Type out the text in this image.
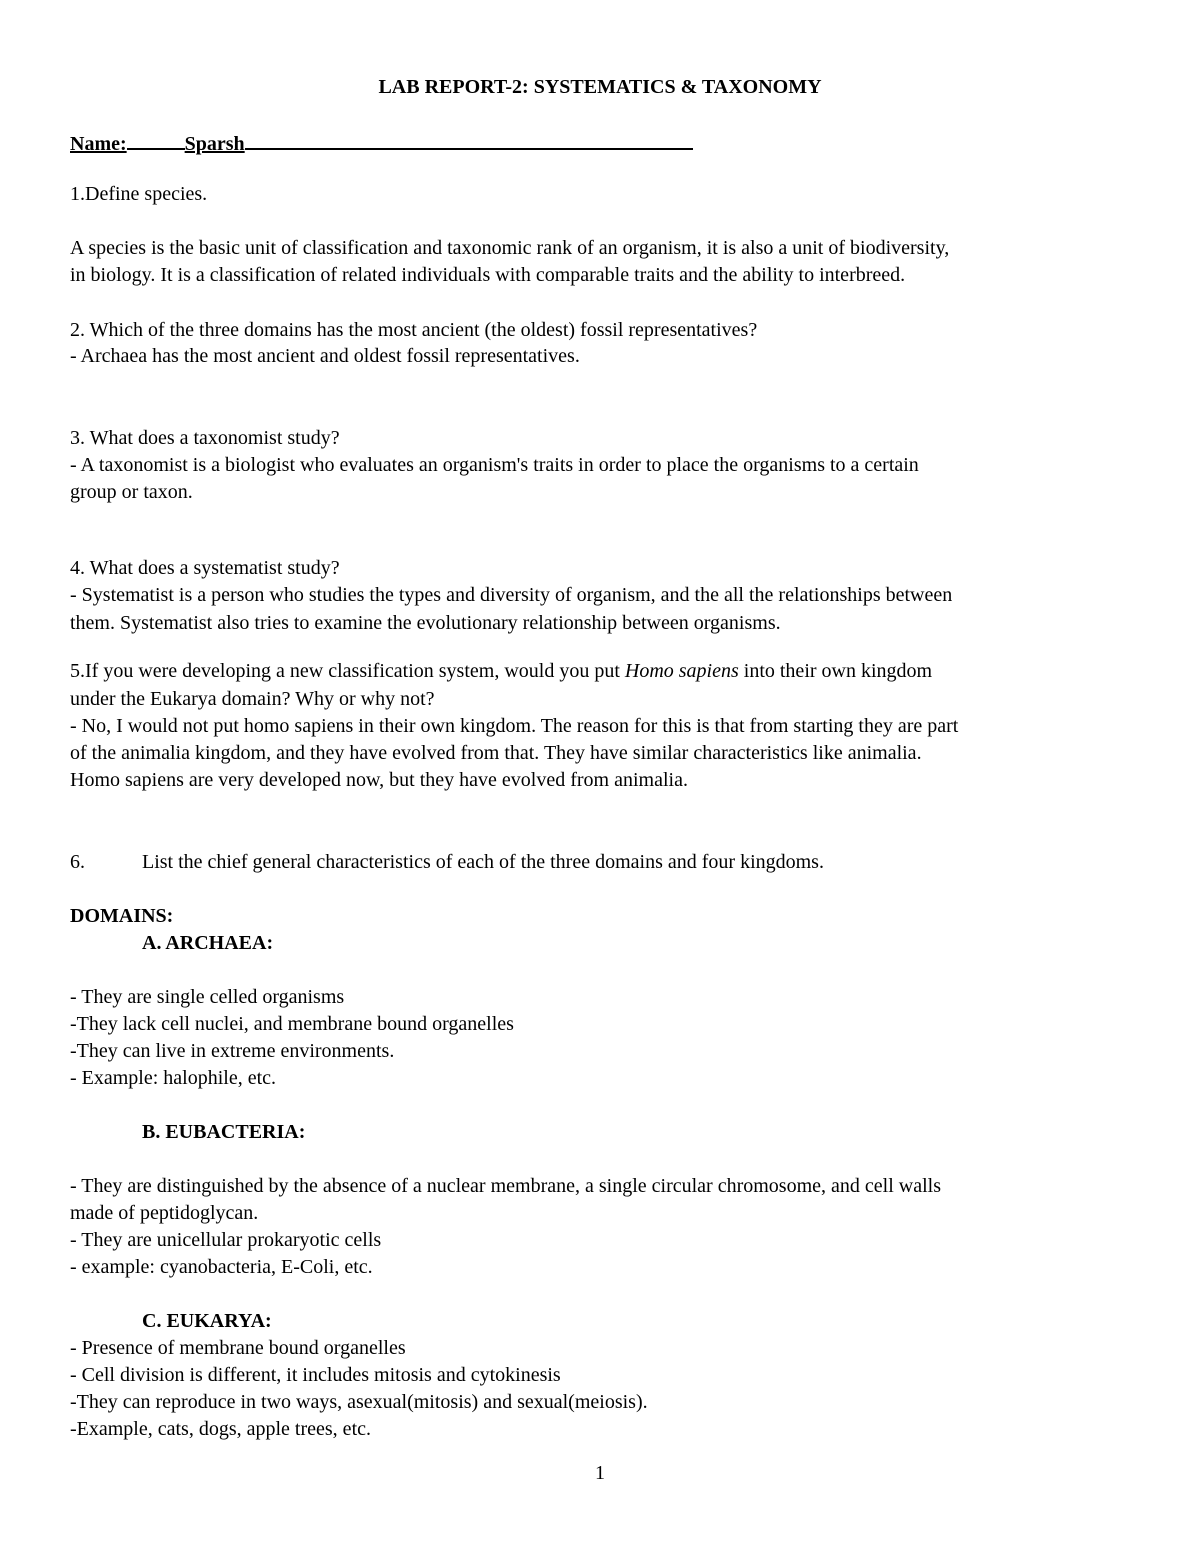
LAB REPORT-2: SYSTEMATICS & TAXONOMY
Name:	Sparsh
1.Define species.
A species is the basic unit of classification and taxonomic rank of an organism, it is also a unit of biodiversity,
in biology. It is a classification of related individuals with comparable traits and the ability to interbreed.
2. Which of the three domains has the most ancient (the oldest) fossil representatives?
- Archaea has the most ancient and oldest fossil representatives.
3. What does a taxonomist study?
- A taxonomist is a biologist who evaluates an organism's traits in order to place the organisms to a certain
group or taxon.
4. What does a systematist study?
- Systematist is a person who studies the types and diversity of organism, and the all the relationships between
them. Systematist also tries to examine the evolutionary relationship between organisms.
5.If you were developing a new classification system, would you put Homo sapiens into their own kingdom
under the Eukarya domain? Why or why not?
- No, I would not put homo sapiens in their own kingdom. The reason for this is that from starting they are part
of the animalia kingdom, and they have evolved from that. They have similar characteristics like animalia.
Homo sapiens are very developed now, but they have evolved from animalia.
6.	List the chief general characteristics of each of the three domains and four kingdoms.
DOMAINS:
A. ARCHAEA:
- They are single celled organisms
-They lack cell nuclei, and membrane bound organelles
-They can live in extreme environments.
- Example: halophile, etc.
B. EUBACTERIA:
- They are distinguished by the absence of a nuclear membrane, a single circular chromosome, and cell walls
made of peptidoglycan.
- They are unicellular prokaryotic cells
- example: cyanobacteria, E-Coli, etc.
C. EUKARYA:
- Presence of membrane bound organelles
- Cell division is different, it includes mitosis and cytokinesis
-They can reproduce in two ways, asexual(mitosis) and sexual(meiosis).
-Example, cats, dogs, apple trees, etc.
1
